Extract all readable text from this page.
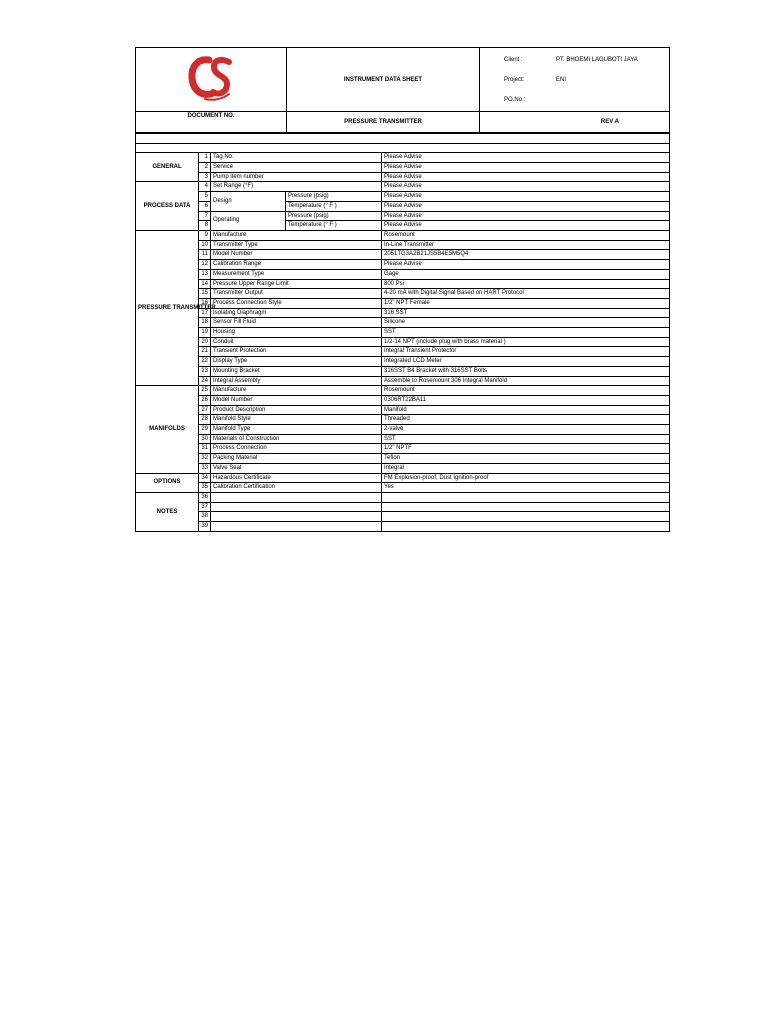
	INSTRUMENT DATA SHEET	Client : PT. BHOEMI LAGUBOTI JAYA
Project: ENI
PO.No :

DOCUMENT NO.	PRESSURE TRANSMITTER	REV A

GENERAL	1	Tag No.		Please Advise
	2	Service		Please Advise
	3	Pump item number		Please Advise
PROCESS DATA	4	Set Range (°F)		Please Advise
	5	Design	Pressure (psig)	Please Advise
	6		Temperature (° F )	Please Advise
	7	Operating	Pressure (psig)	Please Advise
	8		Temperature (° F )	Please Advise
PRESSURE TRANSMITTER	9	Manufacture		Rosemount
	10	Transmitter Type		In-Line Transmitter
	11	Model Number		2051TG3A2B21JS5B4E5M5Q4
	12	Calibration Range		Please Advise
	13	Measurement Type		Gage
	14	Pressure Upper Range Limit		800 Psi
	15	Transmitter Output		4-20 mA with Digital Signal Based on HART Protocol
	16	Process Connection Style		1/2" NPT Female
	17	Isolating Diaphragm		316 SST
	18	Sensor Fill Fluid		Silicone
	19	Housing		SST
	20	Conduit		1/2-14 NPT (include plug with brass material )
	21	Transient Protection		Integral Transient Protector
	22	Display Type		Integrated LCD Meter
	23	Mounting Bracket		316SST B4 Bracket with 316SST Bolts
	24	Integral Assembly		Assemble to Rosemount 306 Integral Manifold
MANIFOLDS	25	Manufacture		Rosemount
	26	Model Number		0306RT22BA11
	27	Product Description		Manifold
	28	Manifold Style		Threaded
	29	Manifold Type		2-valve
	30	Materials of Construction		SST
	31	Process Connection		1/2" NPTF
	32	Packing Material		Teflon
	33	Valve Seat		Integral
OPTIONS	34	Hazardous Certificate		FM Explosion-proof, Dust Ignition-proof
	35	Calibration Certification		Yes
NOTES	36			
	37			
	38			
	39			
